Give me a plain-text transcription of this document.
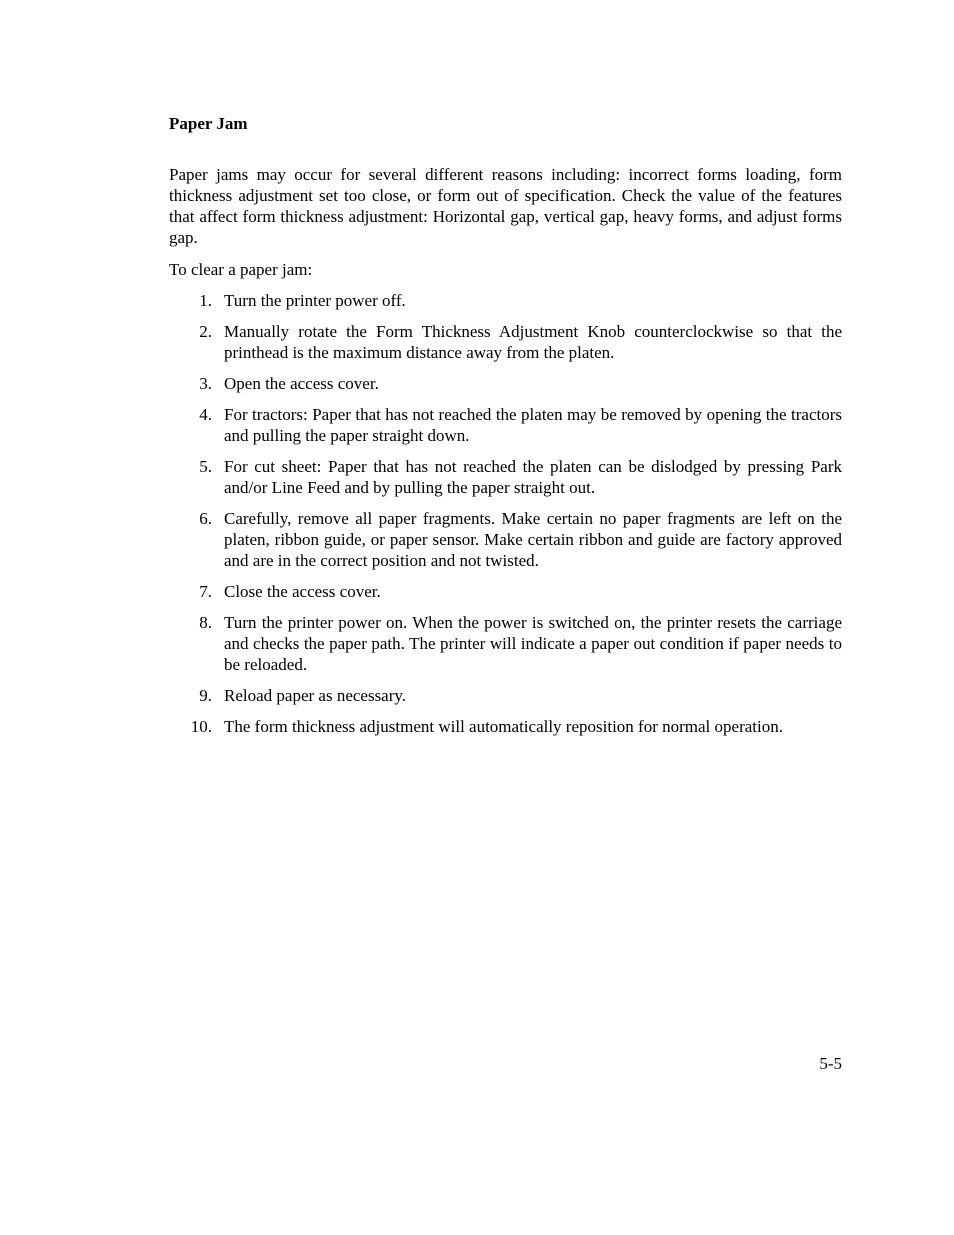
Paper Jam

Paper jams may occur for several different reasons including: incorrect forms loading, form thickness adjustment set too close, or form out of specification. Check the value of the features that affect form thickness adjustment: Horizontal gap, vertical gap, heavy forms, and adjust forms gap.

To clear a paper jam:

1. Turn the printer power off.
2. Manually rotate the Form Thickness Adjustment Knob counterclockwise so that the printhead is the maximum distance away from the platen.
3. Open the access cover.
4. For tractors: Paper that has not reached the platen may be removed by opening the tractors and pulling the paper straight down.
5. For cut sheet: Paper that has not reached the platen can be dislodged by pressing Park and/or Line Feed and by pulling the paper straight out.
6. Carefully, remove all paper fragments. Make certain no paper fragments are left on the platen, ribbon guide, or paper sensor. Make certain ribbon and guide are factory approved and are in the correct position and not twisted.
7. Close the access cover.
8. Turn the printer power on. When the power is switched on, the printer resets the carriage and checks the paper path. The printer will indicate a paper out condition if paper needs to be reloaded.
9. Reload paper as necessary.
10. The form thickness adjustment will automatically reposition for normal operation.

5-5
